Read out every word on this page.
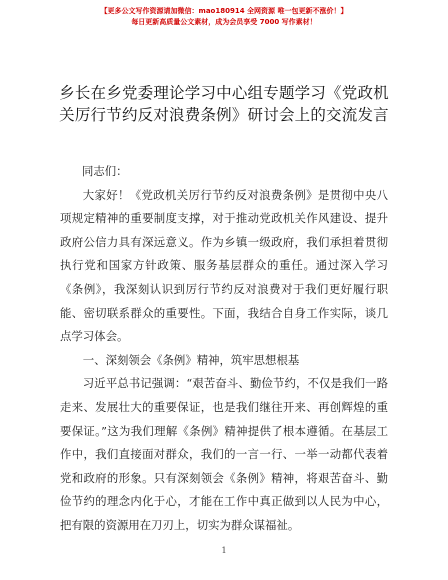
【更多公文写作资源请加微信：mao180914 全网资源 唯一包更新不涨价！】
每日更新高质量公文素材，成为会员享受 7000 写作素材！
乡长在乡党委理论学习中心组专题学习《党政机关厉行节约反对浪费条例》研讨会上的交流发言

同志们：

大家好！《党政机关厉行节约反对浪费条例》是贯彻中央八项规定精神的重要制度支撑，对于推动党政机关作风建设、提升政府公信力具有深远意义。作为乡镇一级政府，我们承担着贯彻执行党和国家方针政策、服务基层群众的重任。通过深入学习《条例》，我深刻认识到厉行节约反对浪费对于我们更好履行职能、密切联系群众的重要性。下面，我结合自身工作实际，谈几点学习体会。

一、深刻领会《条例》精神，筑牢思想根基

习近平总书记强调：“艰苦奋斗、勤俭节约，不仅是我们一路走来、发展壮大的重要保证，也是我们继往开来、再创辉煌的重要保证。”这为我们理解《条例》精神提供了根本遵循。在基层工作中，我们直接面对群众，我们的一言一行、一举一动都代表着党和政府的形象。只有深刻领会《条例》精神，将艰苦奋斗、勤俭节约的理念内化于心，才能在工作中真正做到以人民为中心，把有限的资源用在刀刃上，切实为群众谋福祉。

1
